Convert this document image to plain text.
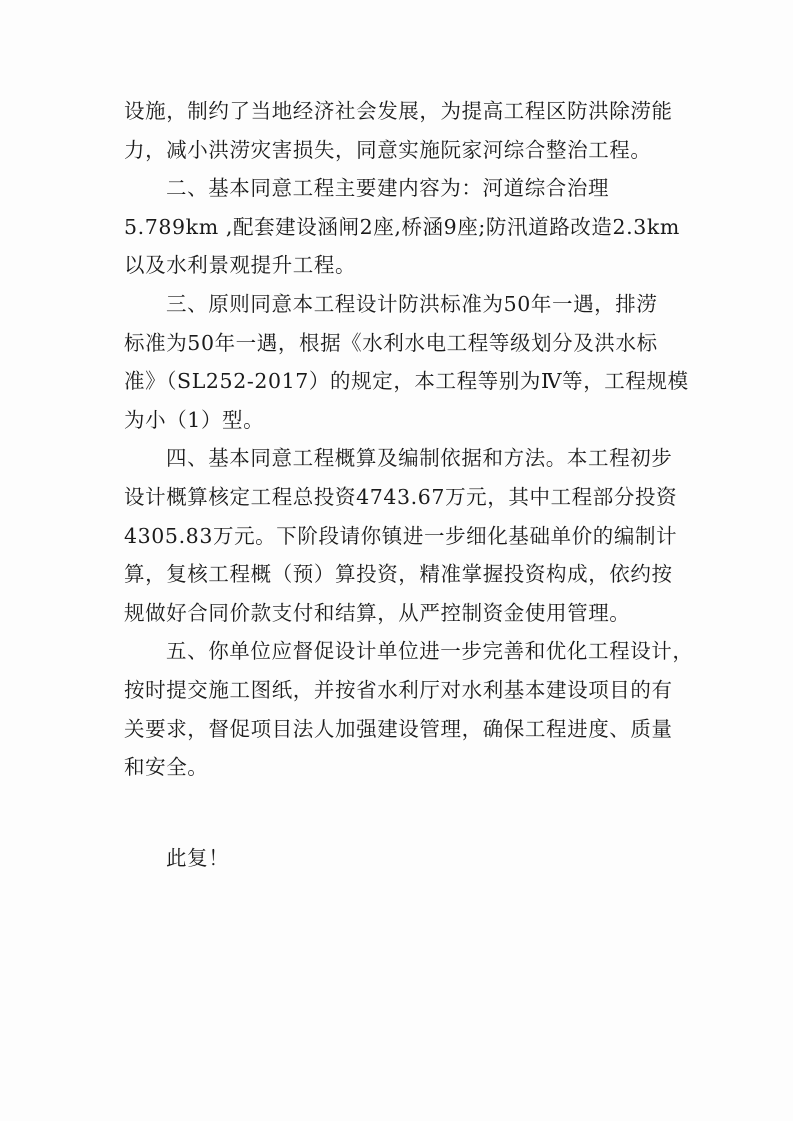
设施，制约了当地经济社会发展，为提高工程区防洪除涝能
力，减小洪涝灾害损失，同意实施阮家河综合整治工程。
二、基本同意工程主要建内容为：河道综合治理
5.789km ,配套建设涵闸2座,桥涵9座;防汛道路改造2.3km
以及水利景观提升工程。
三、原则同意本工程设计防洪标准为50年一遇，排涝
标准为50年一遇，根据《水利水电工程等级划分及洪水标
准》（SL252-2017）的规定，本工程等别为Ⅳ等，工程规模
为小（1）型。
四、基本同意工程概算及编制依据和方法。本工程初步
设计概算核定工程总投资4743.67万元，其中工程部分投资
4305.83万元。下阶段请你镇进一步细化基础单价的编制计
算，复核工程概（预）算投资，精准掌握投资构成，依约按
规做好合同价款支付和结算，从严控制资金使用管理。
五、你单位应督促设计单位进一步完善和优化工程设计，
按时提交施工图纸，并按省水利厅对水利基本建设项目的有
关要求，督促项目法人加强建设管理，确保工程进度、质量
和安全。
此复！
